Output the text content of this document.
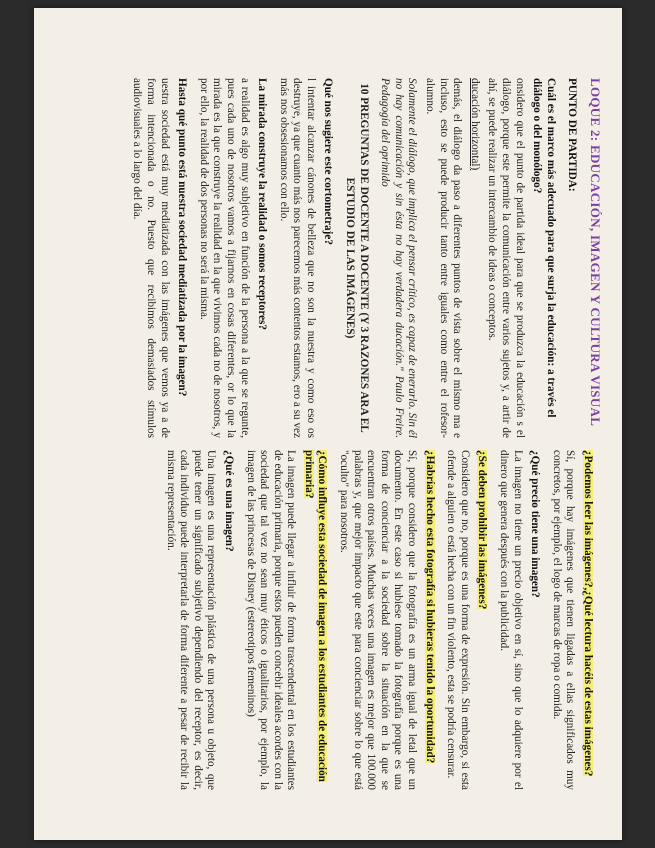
LOQUE 2: EDUCACIÓN, IMAGEN Y CULTURA VISUAL
PUNTO DE PARTIDA:
Cuál es el marco más adecuado para que surja la educación: a través el diálogo o del monólogo?

onsidero que el punto de partida ideal para que se produzca la educación s el diálogo, porque este permite la comunicación entre varios sujetos y, a artir de ahí, se puede realizar un intercambio de ideas o conceptos.

ducación horizontal)

demás, el diálogo da paso a diferentes puntos de vista sobre el mismo ma e incluso, esto se puede producir tanto entre iguales como entre el rofesor-alumno.

Solamente el diálogo, que implica el pensar crítico, es capaz de enerarlo. Sin él no hay comunicación y sin ésta no hay verdadera ducación." Paulo Freire. Pedagogía del oprimido

10 PREGUNTAS DE DOCENTE A DOCENTE (Y 3 RAZONES ARA EL ESTUDIO DE LAS IMÁGENES)
Qué nos sugiere este cortometraje?

l intentar alcanzar cánones de belleza que no son la nuestra y como eso os destruye, ya que cuanto más nos parecemos más contentos estamos, ero a su vez más nos obsesionamos con ello.

La mirada construye la realidad o somos receptores?

a realidad es algo muy subjetivo en función de la persona a la que se regunte, pues cada uno de nosotros vamos a fijarnos en cosas diferentes, or lo que la mirada es la que construye la realidad en la que vivimos cada no de nosotros, y por ello, la realidad de dos personas no será la misma.

Hasta qué punto está nuestra sociedad mediatizada por la imagen?

uestra sociedad está muy mediatizada con las imágenes que vemos ya a de forma intencionada o no. Puesto que recibimos demasiados stímulos audiovisuales a lo largo del día.

¿Podemos leer las imágenes?,¿Qué lectura hacéis de estas imágenes?

Sí, porque hay imágenes que tienen ligadas a ellas significados muy concretos, por ejemplo, el logo de marcas de ropa o comida.

¿Qué precio tiene una imagen?

La imagen no tiene un precio objetivo en sí, sino que lo adquiere por el dinero que genera después con la publicidad.

¿Se deben prohibir las imágenes?

Considero que no, porque es una forma de expresión. Sin embargo, si esta ofende a alguien o está hecha con un fin violento, esta se podría censurar.

¿Habrías hecho esta fotografía si hubieras tenido la oportunidad?

Sí, porque considero que la fotografía es un arma igual de letal que un documento. En este caso si hubiese tomado la fotografía porque es una forma de concienciar a la sociedad sobre la situación en la que se encuentran otros países. Muchas veces una imagen es mejor que 100.000 palabras y, que mejor impacto que este para concienciar sobre lo que está "oculto" para nosotros.

¿Cómo influye esta sociedad de imagen a los estudiantes de educación primaria?

La imagen puede llegar a influir de forma trascendental en los estudiantes de educación primaria, porque estos pueden concebir ideales acordes con la sociedad que tal vez no sean muy éticos o igualitarios, por ejemplo, la imagen de las princesas de Disney (estereotipos femeninos)

¿Qué es una imagen?

Una imagen es una representación plástica de una persona u objeto, que puede tener un significado subjetivo dependiendo del receptor, es decir, cada individuo puede interpretarla de forma diferente a pesar de recibir la misma representación.
